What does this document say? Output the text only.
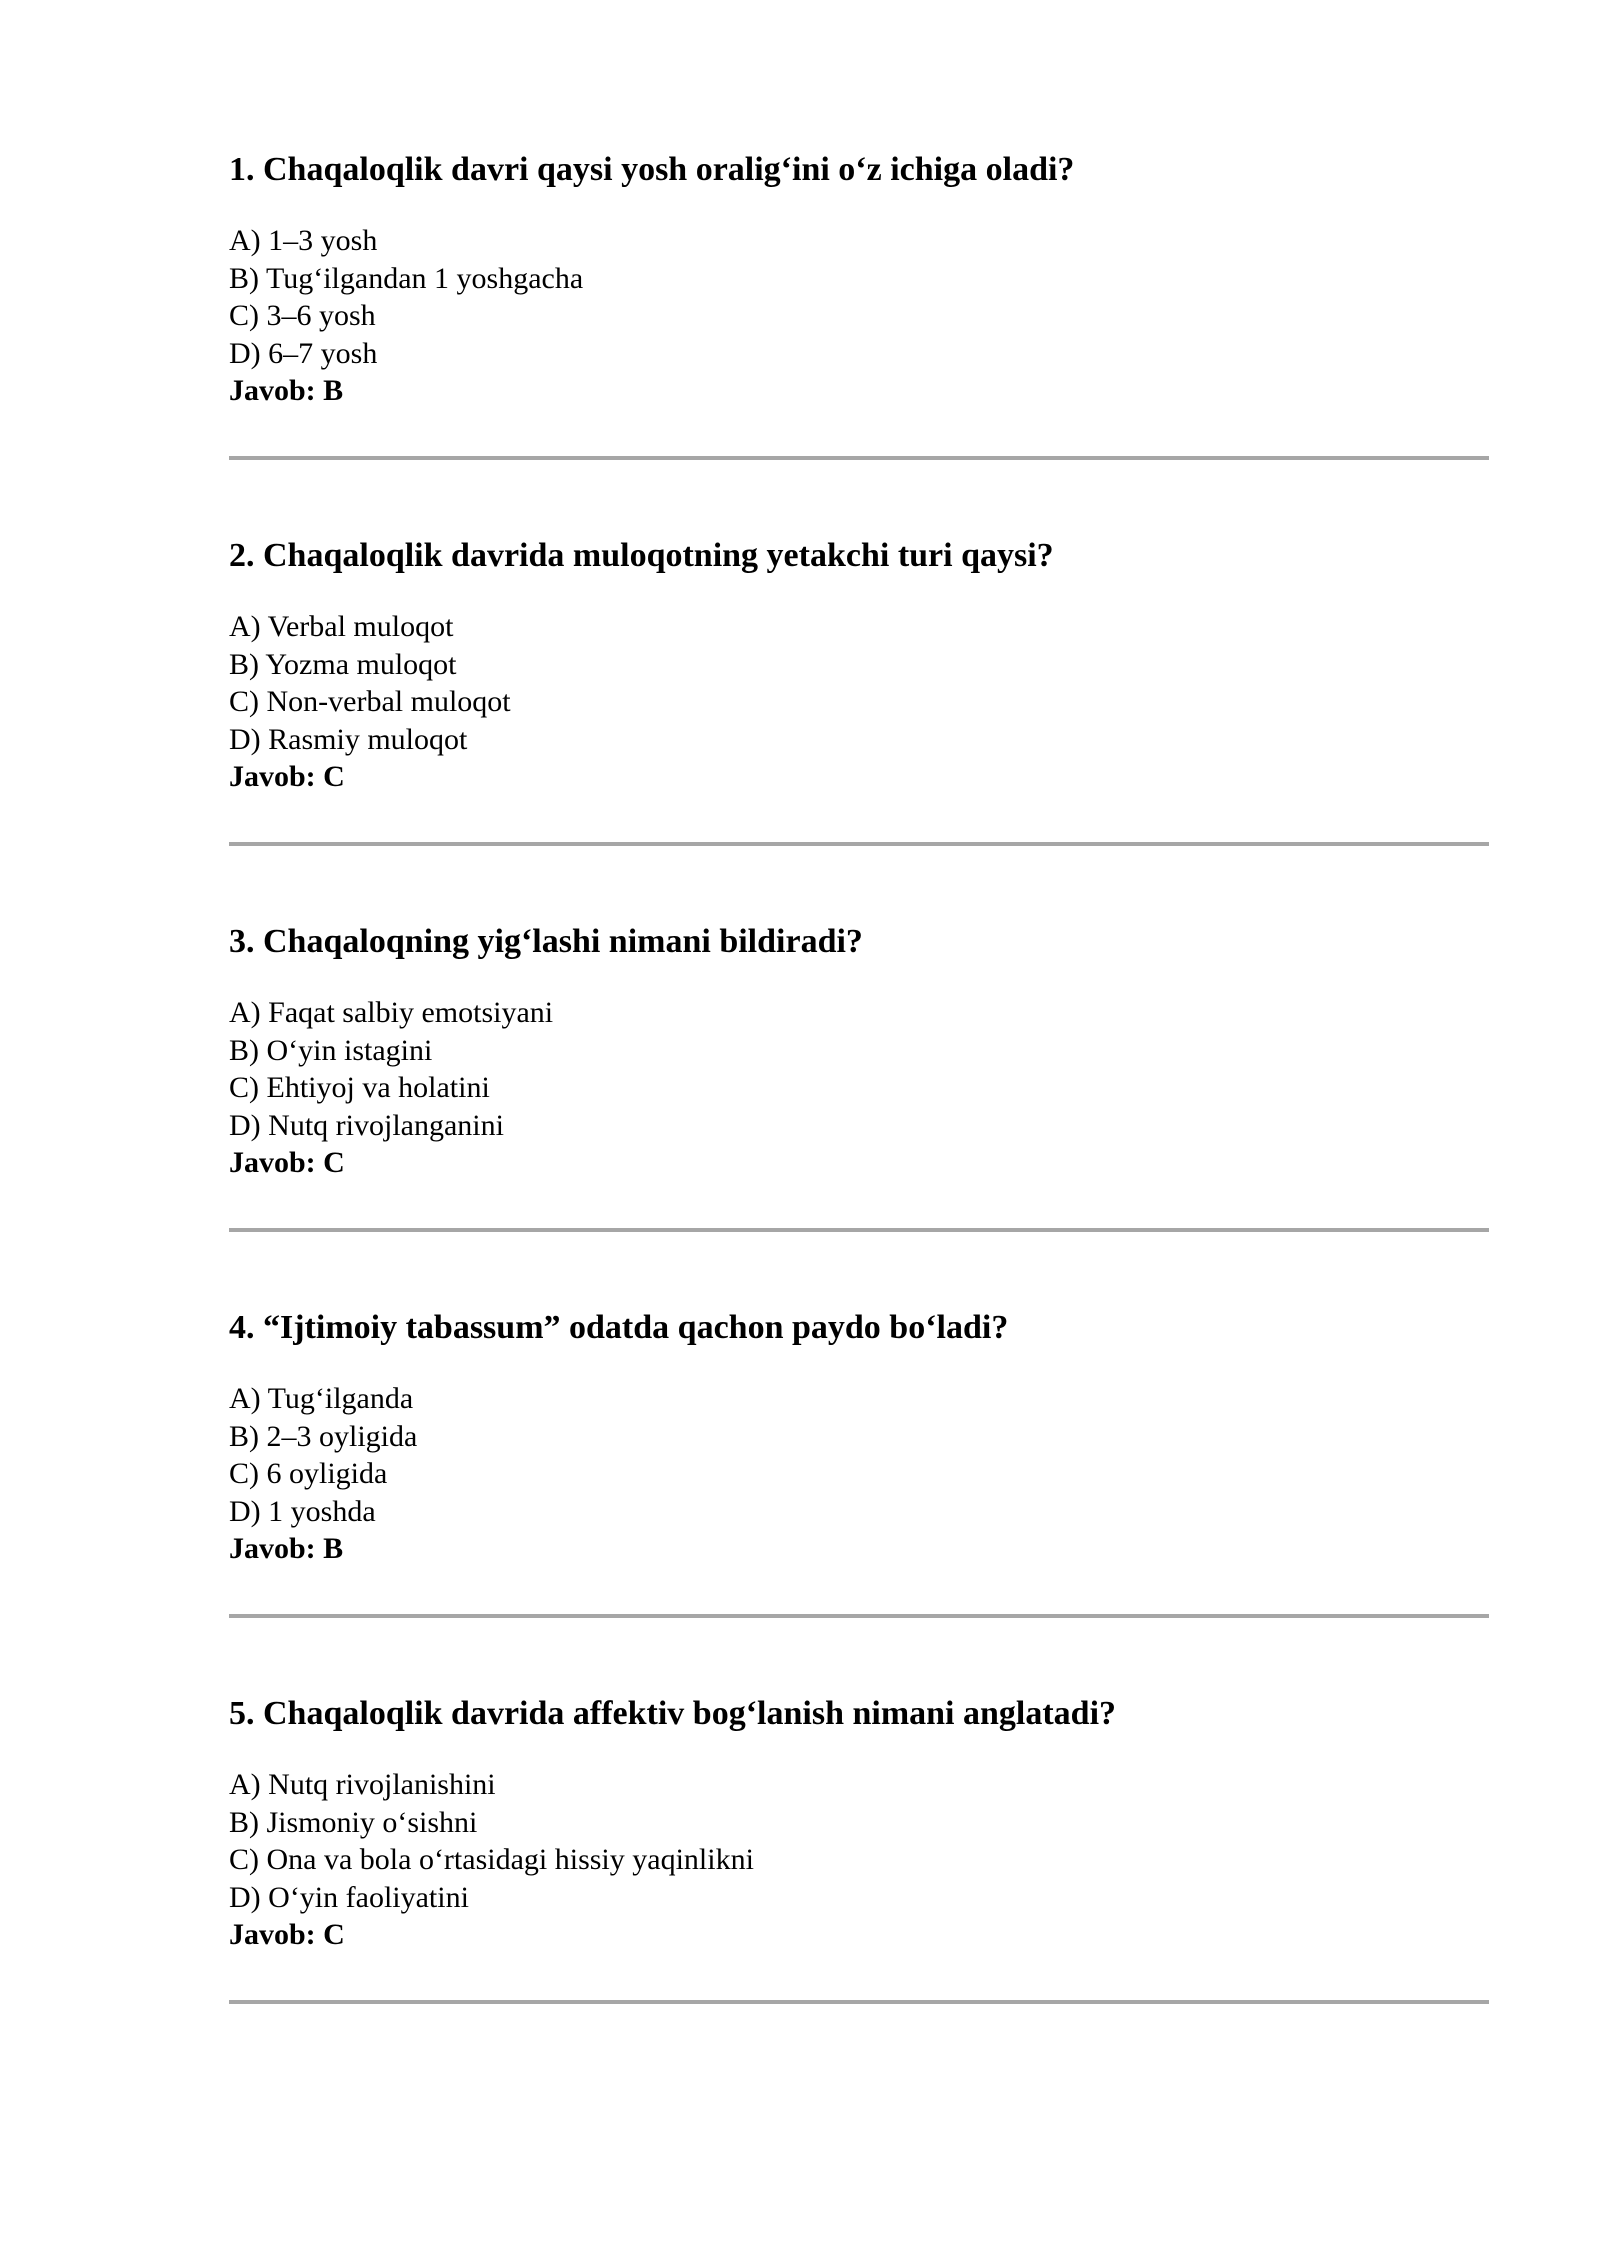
1. Chaqaloqlik davri qaysi yosh oralig‘ini o‘z ichiga oladi?
A) 1–3 yosh
B) Tug‘ilgandan 1 yoshgacha
C) 3–6 yosh
D) 6–7 yosh
Javob: B
2. Chaqaloqlik davrida muloqotning yetakchi turi qaysi?
A) Verbal muloqot
B) Yozma muloqot
C) Non-verbal muloqot
D) Rasmiy muloqot
Javob: C
3. Chaqaloqning yig‘lashi nimani bildiradi?
A) Faqat salbiy emotsiyani
B) O‘yin istagini
C) Ehtiyoj va holatini
D) Nutq rivojlanganini
Javob: C
4. “Ijtimoiy tabassum” odatda qachon paydo bo‘ladi?
A) Tug‘ilganda
B) 2–3 oyligida
C) 6 oyligida
D) 1 yoshda
Javob: B
5. Chaqaloqlik davrida affektiv bog‘lanish nimani anglatadi?
A) Nutq rivojlanishini
B) Jismoniy o‘sishni
C) Ona va bola o‘rtasidagi hissiy yaqinlikni
D) O‘yin faoliyatini
Javob: C
